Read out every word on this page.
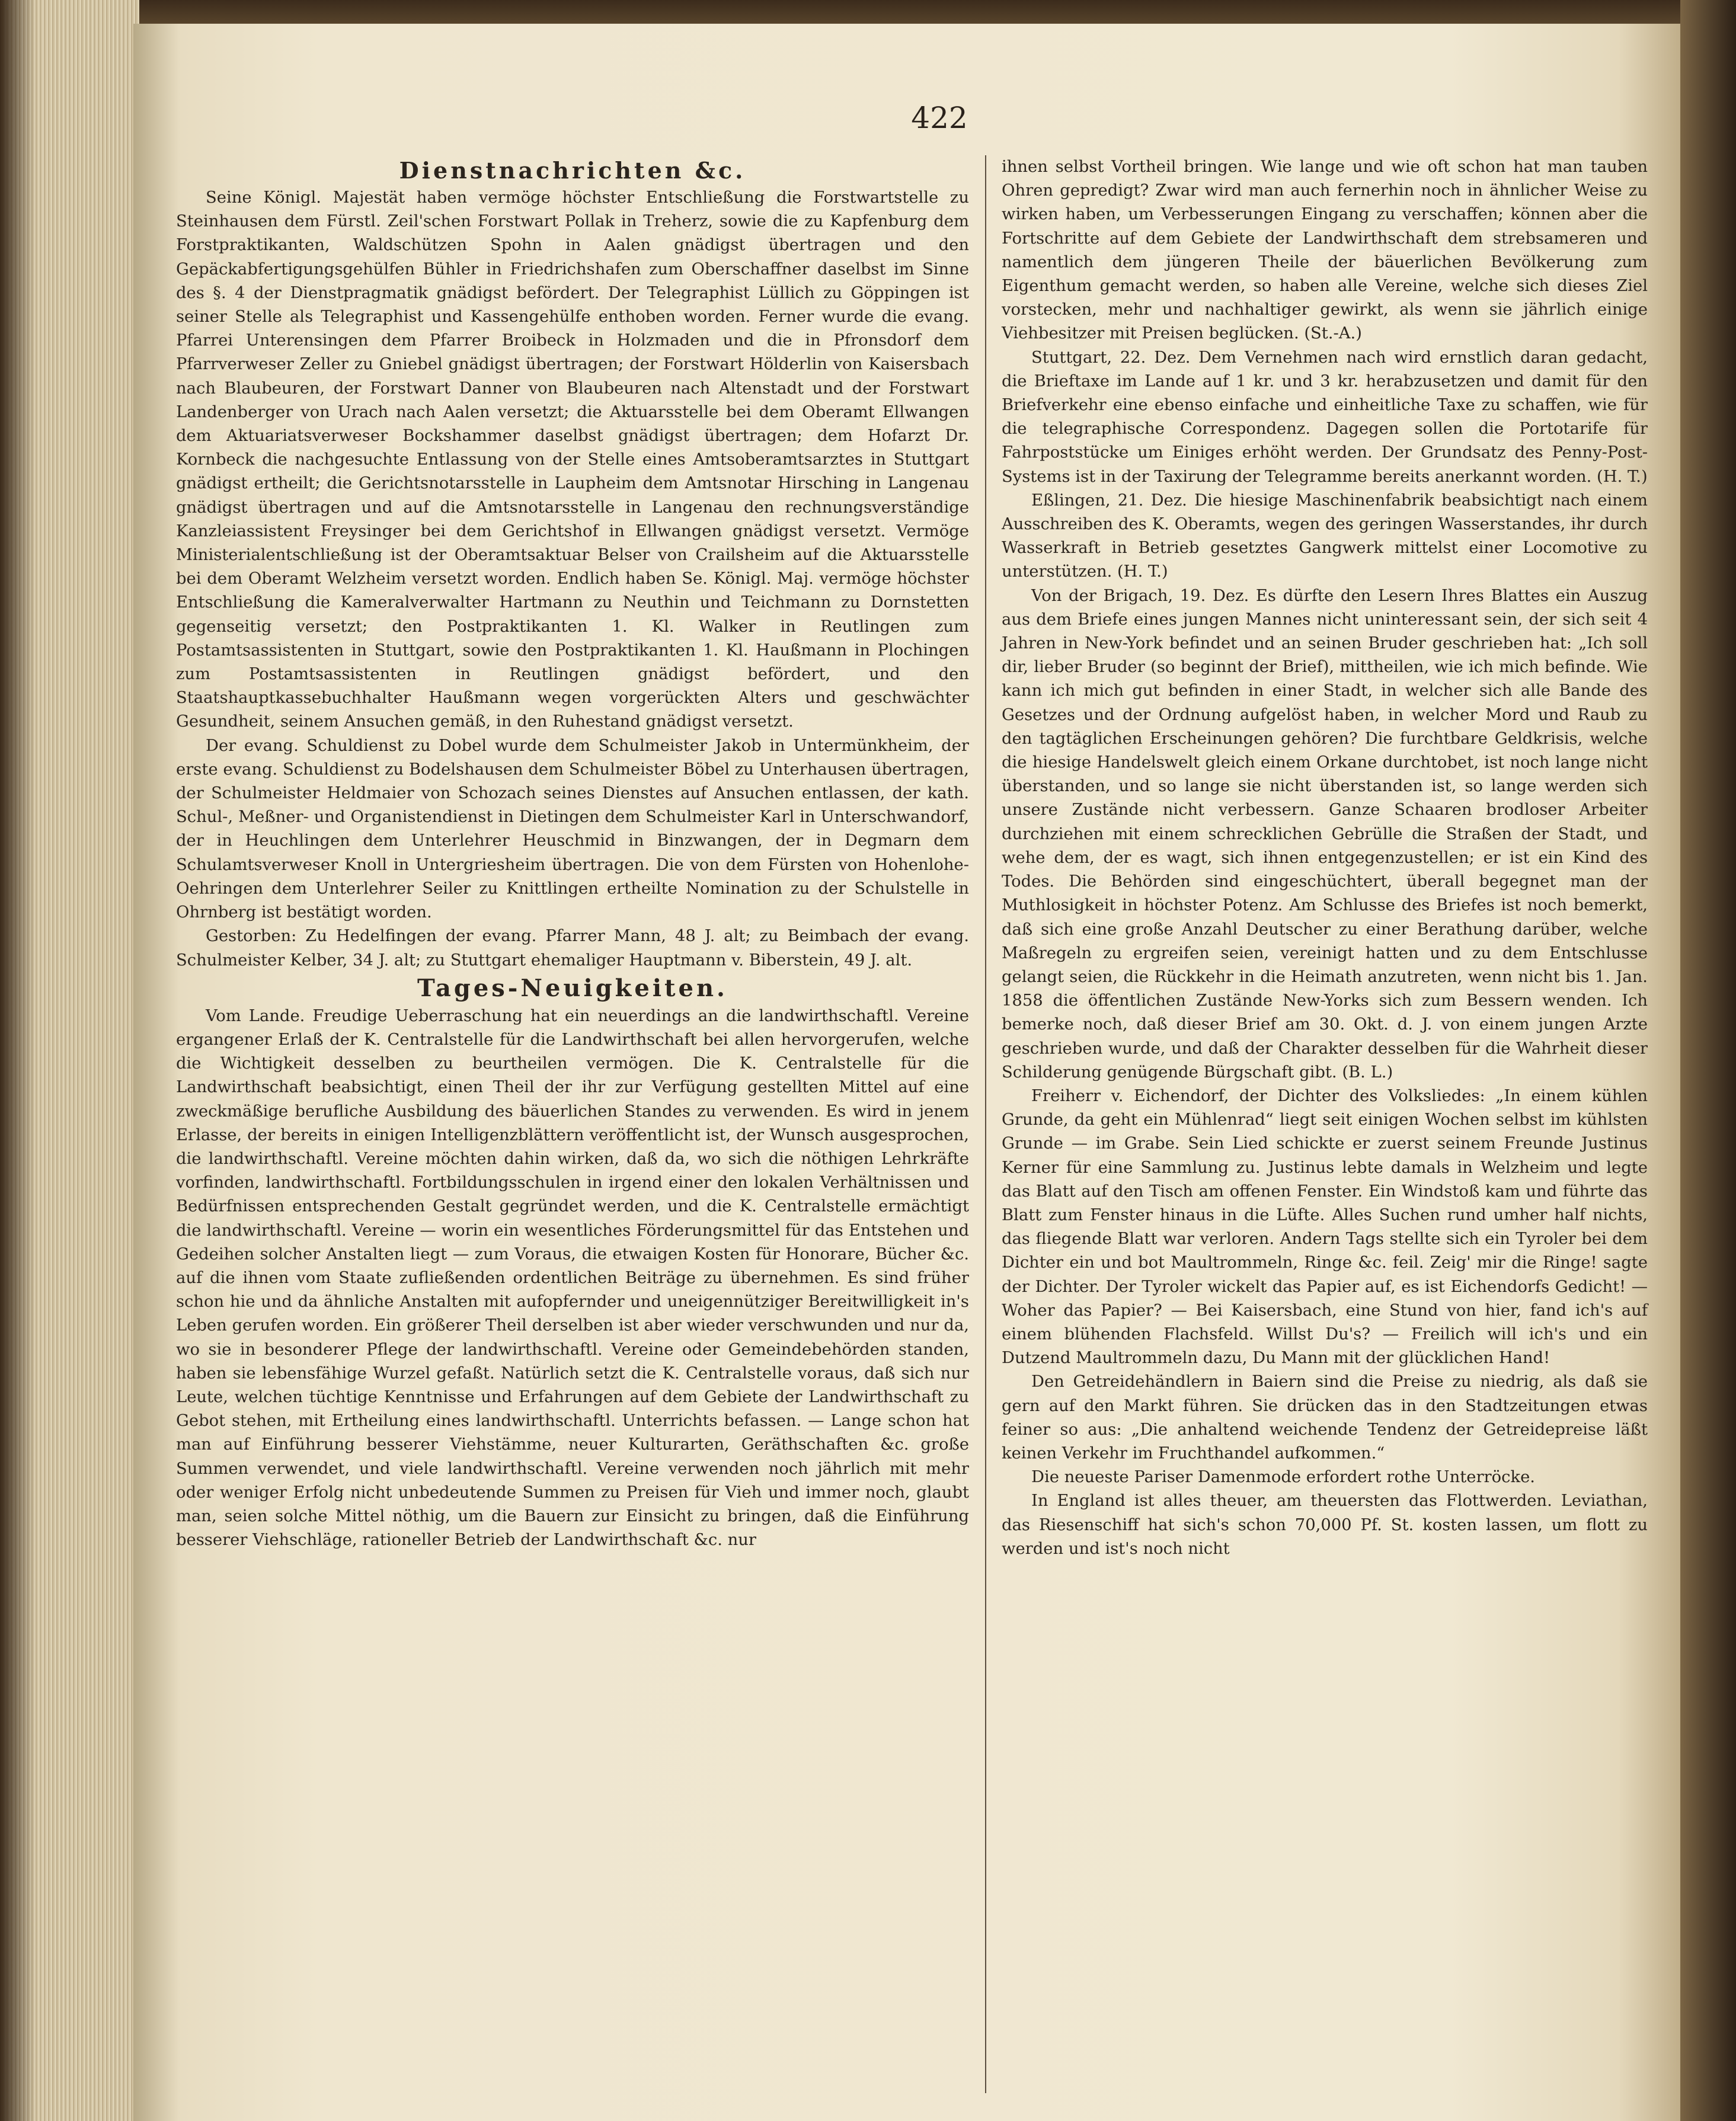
422

Dienstnachrichten &c.

Seine Königl. Majestät haben vermöge höchster Entschließung die Forstwartstelle zu Steinhausen dem Fürstl. Zeil'schen Forstwart Pollak in Treherz, sowie die zu Kapfenburg dem Forstpraktikanten, Waldschützen Spohn in Aalen gnädigst übertragen und den Gepäckabfertigungsgehülfen Bühler in Friedrichshafen zum Oberschaffner daselbst im Sinne des §. 4 der Dienstpragmatik gnädigst befördert. Der Telegraphist Lüllich zu Göppingen ist seiner Stelle als Telegraphist und Kassengehülfe enthoben worden. Ferner wurde die evang. Pfarrei Unterensingen dem Pfarrer Broibeck in Holzmaden und die in Pfronsdorf dem Pfarrverweser Zeller zu Gniebel gnädigst übertragen; der Forstwart Hölderlin von Kaisersbach nach Blaubeuren, der Forstwart Danner von Blaubeuren nach Altenstadt und der Forstwart Landenberger von Urach nach Aalen versetzt; die Aktuarsstelle bei dem Oberamt Ellwangen dem Aktuariatsverweser Bockshammer daselbst gnädigst übertragen; dem Hofarzt Dr. Kornbeck die nachgesuchte Entlassung von der Stelle eines Amtsoberamtsarztes in Stuttgart gnädigst ertheilt; die Gerichtsnotarsstelle in Laupheim dem Amtsnotar Hirsching in Langenau gnädigst übertragen und auf die Amtsnotarsstelle in Langenau den rechnungsverständige Kanzleiassistent Freysinger bei dem Gerichtshof in Ellwangen gnädigst versetzt. Vermöge Ministerialentschließung ist der Oberamtsaktuar Belser von Crailsheim auf die Aktuarsstelle bei dem Oberamt Welzheim versetzt worden. Endlich haben Se. Königl. Maj. vermöge höchster Entschließung die Kameralverwalter Hartmann zu Neuthin und Teichmann zu Dornstetten gegenseitig versetzt; den Postpraktikanten 1. Kl. Walker in Reutlingen zum Postamtsassistenten in Stuttgart, sowie den Postpraktikanten 1. Kl. Haußmann in Plochingen zum Postamtsassistenten in Reutlingen gnädigst befördert, und den Staatshauptkassebuchhalter Haußmann wegen vorgerückten Alters und geschwächter Gesundheit, seinem Ansuchen gemäß, in den Ruhestand gnädigst versetzt.

Der evang. Schuldienst zu Dobel wurde dem Schulmeister Jakob in Untermünkheim, der erste evang. Schuldienst zu Bodelshausen dem Schulmeister Böbel zu Unterhausen übertragen, der Schulmeister Heldmaier von Schozach seines Dienstes auf Ansuchen entlassen, der kath. Schul-, Meßner- und Organistendienst in Dietingen dem Schulmeister Karl in Unterschwandorf, der in Heuchlingen dem Unterlehrer Heuschmid in Binzwangen, der in Degmarn dem Schulamtsverweser Knoll in Untergriesheim übertragen. Die von dem Fürsten von Hohenlohe-Oehringen dem Unterlehrer Seiler zu Knittlingen ertheilte Nomination zu der Schulstelle in Ohrnberg ist bestätigt worden.

Gestorben: Zu Hedelfingen der evang. Pfarrer Mann, 48 J. alt; zu Beimbach der evang. Schulmeister Kelber, 34 J. alt; zu Stuttgart ehemaliger Hauptmann v. Biberstein, 49 J. alt.

Tages-Neuigkeiten.

Vom Lande. Freudige Ueberraschung hat ein neuerdings an die landwirthschaftl. Vereine ergangener Erlaß der K. Centralstelle für die Landwirthschaft bei allen hervorgerufen, welche die Wichtigkeit desselben zu beurtheilen vermögen. Die K. Centralstelle für die Landwirthschaft beabsichtigt, einen Theil der ihr zur Verfügung gestellten Mittel auf eine zweckmäßige berufliche Ausbildung des bäuerlichen Standes zu verwenden. Es wird in jenem Erlasse, der bereits in einigen Intelligenzblättern veröffentlicht ist, der Wunsch ausgesprochen, die landwirthschaftl. Vereine möchten dahin wirken, daß da, wo sich die nöthigen Lehrkräfte vorfinden, landwirthschaftl. Fortbildungsschulen in irgend einer den lokalen Verhältnissen und Bedürfnissen entsprechenden Gestalt gegründet werden, und die K. Centralstelle ermächtigt die landwirthschaftl. Vereine — worin ein wesentliches Förderungsmittel für das Entstehen und Gedeihen solcher Anstalten liegt — zum Voraus, die etwaigen Kosten für Honorare, Bücher &c. auf die ihnen vom Staate zufließenden ordentlichen Beiträge zu übernehmen. Es sind früher schon hie und da ähnliche Anstalten mit aufopfernder und uneigennütziger Bereitwilligkeit in's Leben gerufen worden. Ein größerer Theil derselben ist aber wieder verschwunden und nur da, wo sie in besonderer Pflege der landwirthschaftl. Vereine oder Gemeindebehörden standen, haben sie lebensfähige Wurzel gefaßt. Natürlich setzt die K. Centralstelle voraus, daß sich nur Leute, welchen tüchtige Kenntnisse und Erfahrungen auf dem Gebiete der Landwirthschaft zu Gebot stehen, mit Ertheilung eines landwirthschaftl. Unterrichts befassen. — Lange schon hat man auf Einführung besserer Viehstämme, neuer Kulturarten, Geräthschaften &c. große Summen verwendet, und viele landwirthschaftl. Vereine verwenden noch jährlich mit mehr oder weniger Erfolg nicht unbedeutende Summen zu Preisen für Vieh und immer noch, glaubt man, seien solche Mittel nöthig, um die Bauern zur Einsicht zu bringen, daß die Einführung besserer Viehschläge, rationeller Betrieb der Landwirthschaft &c. nur

ihnen selbst Vortheil bringen. Wie lange und wie oft schon hat man tauben Ohren gepredigt? Zwar wird man auch fernerhin noch in ähnlicher Weise zu wirken haben, um Verbesserungen Eingang zu verschaffen; können aber die Fortschritte auf dem Gebiete der Landwirthschaft dem strebsameren und namentlich dem jüngeren Theile der bäuerlichen Bevölkerung zum Eigenthum gemacht werden, so haben alle Vereine, welche sich dieses Ziel vorstecken, mehr und nachhaltiger gewirkt, als wenn sie jährlich einige Viehbesitzer mit Preisen beglücken. (St.-A.)

Stuttgart, 22. Dez. Dem Vernehmen nach wird ernstlich daran gedacht, die Brieftaxe im Lande auf 1 kr. und 3 kr. herabzusetzen und damit für den Briefverkehr eine ebenso einfache und einheitliche Taxe zu schaffen, wie für die telegraphische Correspondenz. Dagegen sollen die Portotarife für Fahrpoststücke um Einiges erhöht werden. Der Grundsatz des Penny-Post-Systems ist in der Taxirung der Telegramme bereits anerkannt worden. (H. T.)

Eßlingen, 21. Dez. Die hiesige Maschinenfabrik beabsichtigt nach einem Ausschreiben des K. Oberamts, wegen des geringen Wasserstandes, ihr durch Wasserkraft in Betrieb gesetztes Gangwerk mittelst einer Locomotive zu unterstützen. (H. T.)

Von der Brigach, 19. Dez. Es dürfte den Lesern Ihres Blattes ein Auszug aus dem Briefe eines jungen Mannes nicht uninteressant sein, der sich seit 4 Jahren in New-York befindet und an seinen Bruder geschrieben hat: „Ich soll dir, lieber Bruder (so beginnt der Brief), mittheilen, wie ich mich befinde. Wie kann ich mich gut befinden in einer Stadt, in welcher sich alle Bande des Gesetzes und der Ordnung aufgelöst haben, in welcher Mord und Raub zu den tagtäglichen Erscheinungen gehören? Die furchtbare Geldkrisis, welche die hiesige Handelswelt gleich einem Orkane durchtobet, ist noch lange nicht überstanden, und so lange sie nicht überstanden ist, so lange werden sich unsere Zustände nicht verbessern. Ganze Schaaren brodloser Arbeiter durchziehen mit einem schrecklichen Gebrülle die Straßen der Stadt, und wehe dem, der es wagt, sich ihnen entgegenzustellen; er ist ein Kind des Todes. Die Behörden sind eingeschüchtert, überall begegnet man der Muthlosigkeit in höchster Potenz. Am Schlusse des Briefes ist noch bemerkt, daß sich eine große Anzahl Deutscher zu einer Berathung darüber, welche Maßregeln zu ergreifen seien, vereinigt hatten und zu dem Entschlusse gelangt seien, die Rückkehr in die Heimath anzutreten, wenn nicht bis 1. Jan. 1858 die öffentlichen Zustände New-Yorks sich zum Bessern wenden. Ich bemerke noch, daß dieser Brief am 30. Okt. d. J. von einem jungen Arzte geschrieben wurde, und daß der Charakter desselben für die Wahrheit dieser Schilderung genügende Bürgschaft gibt. (B. L.)

Freiherr v. Eichendorf, der Dichter des Volksliedes: „In einem kühlen Grunde, da geht ein Mühlenrad“ liegt seit einigen Wochen selbst im kühlsten Grunde — im Grabe. Sein Lied schickte er zuerst seinem Freunde Justinus Kerner für eine Sammlung zu. Justinus lebte damals in Welzheim und legte das Blatt auf den Tisch am offenen Fenster. Ein Windstoß kam und führte das Blatt zum Fenster hinaus in die Lüfte. Alles Suchen rund umher half nichts, das fliegende Blatt war verloren. Andern Tags stellte sich ein Tyroler bei dem Dichter ein und bot Maultrommeln, Ringe &c. feil. Zeig' mir die Ringe! sagte der Dichter. Der Tyroler wickelt das Papier auf, es ist Eichendorfs Gedicht! — Woher das Papier? — Bei Kaisersbach, eine Stund von hier, fand ich's auf einem blühenden Flachsfeld. Willst Du's? — Freilich will ich's und ein Dutzend Maultrommeln dazu, Du Mann mit der glücklichen Hand!

Den Getreidehändlern in Baiern sind die Preise zu niedrig, als daß sie gern auf den Markt führen. Sie drücken das in den Stadtzeitungen etwas feiner so aus: „Die anhaltend weichende Tendenz der Getreidepreise läßt keinen Verkehr im Fruchthandel aufkommen.“

Die neueste Pariser Damenmode erfordert rothe Unterröcke.

In England ist alles theuer, am theuersten das Flottwerden. Leviathan, das Riesenschiff hat sich's schon 70,000 Pf. St. kosten lassen, um flott zu werden und ist's noch nicht
